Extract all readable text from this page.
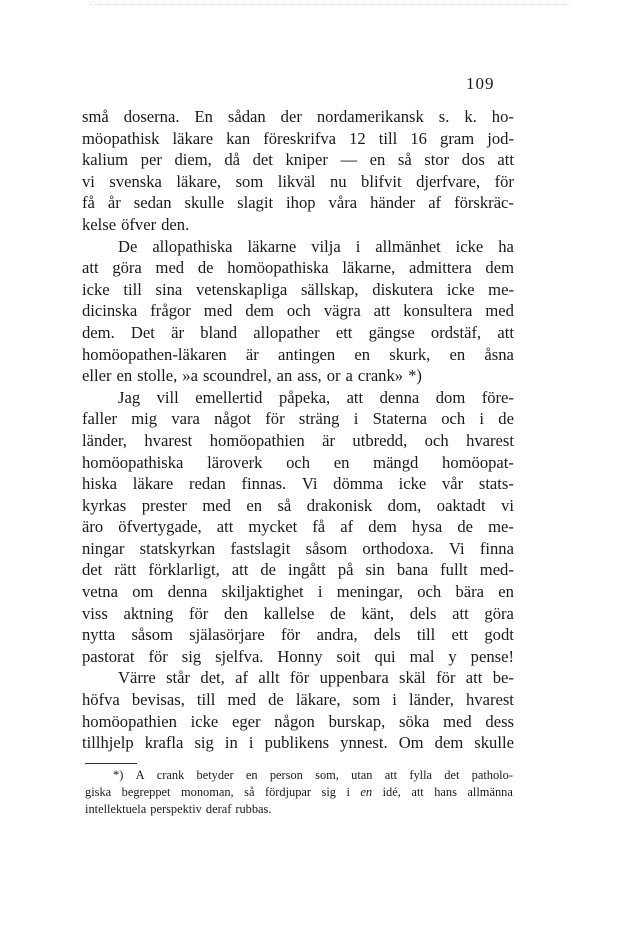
109
små doserna. En sådan der nordamerikansk s. k. ho-
möopathisk läkare kan föreskrifva 12 till 16 gram jod-
kalium per diem, då det kniper — en så stor dos att
vi svenska läkare, som likväl nu blifvit djerfvare, för
få år sedan skulle slagit ihop våra händer af förskräc-
kelse öfver den.
De allopathiska läkarne vilja i allmänhet icke ha
att göra med de homöopathiska läkarne, admittera dem
icke till sina vetenskapliga sällskap, diskutera icke me-
dicinska frågor med dem och vägra att konsultera med
dem. Det är bland allopather ett gängse ordstäf, att
homöopathen-läkaren är antingen en skurk, en åsna
eller en stolle, »a scoundrel, an ass, or a crank» *)
Jag vill emellertid påpeka, att denna dom före-
faller mig vara något för sträng i Staterna och i de
länder, hvarest homöopathien är utbredd, och hvarest
homöopathiska läroverk och en mängd homöopat-
hiska läkare redan finnas. Vi dömma icke vår stats-
kyrkas prester med en så drakonisk dom, oaktadt vi
äro öfvertygade, att mycket få af dem hysa de me-
ningar statskyrkan fastslagit såsom orthodoxa. Vi finna
det rätt förklarligt, att de ingått på sin bana fullt med-
vetna om denna skiljaktighet i meningar, och bära en
viss aktning för den kallelse de känt, dels att göra
nytta såsom själasörjare för andra, dels till ett godt
pastorat för sig sjelfva. Honny soit qui mal y pense!
Värre står det, af allt för uppenbara skäl för att be-
höfva bevisas, till med de läkare, som i länder, hvarest
homöopathien icke eger någon burskap, söka med dess
tillhjelp krafla sig in i publikens ynnest. Om dem skulle
*) A crank betyder en person som, utan att fylla det patholo-
giska begreppet monoman, så fördjupar sig i en idé, att hans allmänna
intellektuela perspektiv deraf rubbas.
